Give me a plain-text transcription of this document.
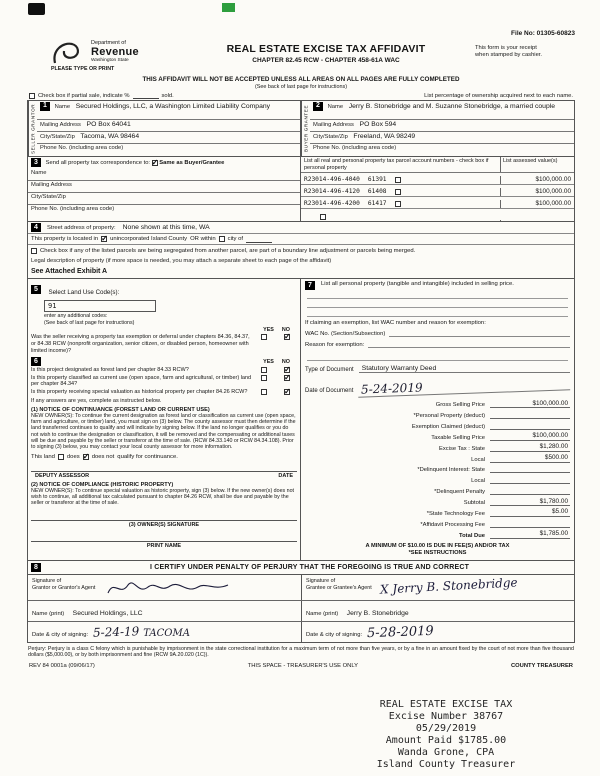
File No: 01305-60823
Department of
Revenue
Washington State
PLEASE TYPE OR PRINT
REAL ESTATE EXCISE TAX AFFIDAVIT
CHAPTER 82.45 RCW - CHAPTER 458-61A WAC
This form is your receipt
when stamped by cashier.
THIS AFFIDAVIT WILL NOT BE ACCEPTED UNLESS ALL AREAS ON ALL PAGES ARE FULLY COMPLETED
(See back of last page for instructions)
Check box if partial sale, indicate %	sold.	List percentage of ownership acquired next to each name.
SELLER GRANTOR	1 Name Secured Holdings, LLC, a Washington Limited Liability Company
Mailing Address PO Box 64041
City/State/Zip Tacoma, WA 98464
Phone No. (including area code)	BUYER GRANTEE	2 Name Jerry B. Stonebridge and M. Suzanne Stonebridge, a married couple
Mailing Address PO Box 594
City/State/Zip Freeland, WA 98249
Phone No. (including area code)
3 Send all property tax correspondence to: ✓ Same as Buyer/Grantee
Name
Mailing Address
City/State/Zip
Phone No. (including area code)
List all real and personal property tax parcel account numbers - check box if personal property
List assessed value(s)
R23014-496-4040 61391	$100,000.00
R23014-496-4120 61408	$100,000.00
R23014-496-4200 61417	$100,000.00
4	Street address of property: None shown at this time, WA
This property is located in ✓ unincorporated Island County OR within city of
Check box if any of the listed parcels are being segregated from another parcel, are part of a boundary line adjustment or parcels being merged.
Legal description of property (if more space is needed, you may attach a separate sheet to each page of the affidavit)
See Attached Exhibit A
5 Select Land Use Code(s):
91
enter any additional codes:
(See back of last page for instructions)
YES NO
Was the seller receiving a property tax exemption or deferral under chapters 84.36, 84.37, or 84.38 RCW (nonprofit organization, senior citizen, or disabled person, homeowner with limited income)?
✓
6	YES NO
Is this project designated as forest land per chapter 84.33 RCW?
✓
Is this property classified as current use (open space, farm and agricultural, or timber) land per chapter 84.34?
✓
Is this property receiving special valuation as historical property per chapter 84.26 RCW?
✓
If any answers are yes, complete as instructed below.
(1) NOTICE OF CONTINUANCE (FOREST LAND OR CURRENT USE)
NEW OWNER(S): To continue the current designation as forest land or classification as current use (open space, farm and agriculture, or timber) land, you must sign on (3) below. The county assessor must then determine if the land transferred continues to qualify and will indicate by signing below. If the land no longer qualifies or you do not wish to continue the designation or classification, it will be removed and the compensating or additional taxes will be due and payable by the seller or transferor at the time of sale. (RCW 84.33.140 or RCW 84.34.108). Prior to signing (3) below, you may contact your local county assessor for more information.
This land does ✓ does not qualify for continuance.
DEPUTY ASSESSOR	DATE
(2) NOTICE OF COMPLIANCE (HISTORIC PROPERTY)
NEW OWNER(S): To continue special valuation as historic property, sign (3) below. If the new owner(s) does not wish to continue, all additional tax calculated pursuant to chapter 84.26 RCW, shall be due and payable by the seller or transferor at the time of sale.
(3) OWNER(S) SIGNATURE
PRINT NAME
7	List all personal property (tangible and intangible) included in selling price.
If claiming an exemption, list WAC number and reason for exemption:
WAC No. (Section/Subsection)
Reason for exemption:
Type of Document	Statutory Warranty Deed
Date of Document 5-24-2019
Gross Selling Price	$100,000.00
*Personal Property (deduct)
Exemption Claimed (deduct)
Taxable Selling Price	$100,000.00
Excise Tax : State	$1,280.00
Local	$500.00
*Delinquent Interest: State
Local
*Delinquent Penalty
Subtotal	$1,780.00
*State Technology Fee	$5.00
*Affidavit Processing Fee
Total Due	$1,785.00
A MINIMUM OF $10.00 IS DUE IN FEE(S) AND/OR TAX
*SEE INSTRUCTIONS
8	I CERTIFY UNDER PENALTY OF PERJURY THAT THE FOREGOING IS TRUE AND CORRECT
Signature of
Grantor or Grantor's Agent
Signature of
Grantee or Grantee's Agent X Jerry B. Stonebridge
Name (print) Secured Holdings, LLC	Name (print) Jerry B. Stonebridge
Date & city of signing: 5-24-19 TACOMA	Date & city of signing: 5-28-2019
Perjury: Perjury is a class C felony which is punishable by imprisonment in the state correctional institution for a maximum term of not more than five years, or by a fine in an amount fixed by the court of not more than five thousand dollars ($5,000.00), or by both imprisonment and fine (RCW 9A.20.020 (1C)).
REV 84 0001a (09/06/17)	THIS SPACE - TREASURER'S USE ONLY	COUNTY TREASURER
REAL ESTATE EXCISE TAX
Excise Number 38767
05/29/2019
Amount Paid $1785.00
Wanda Grone, CPA
Island County Treasurer
